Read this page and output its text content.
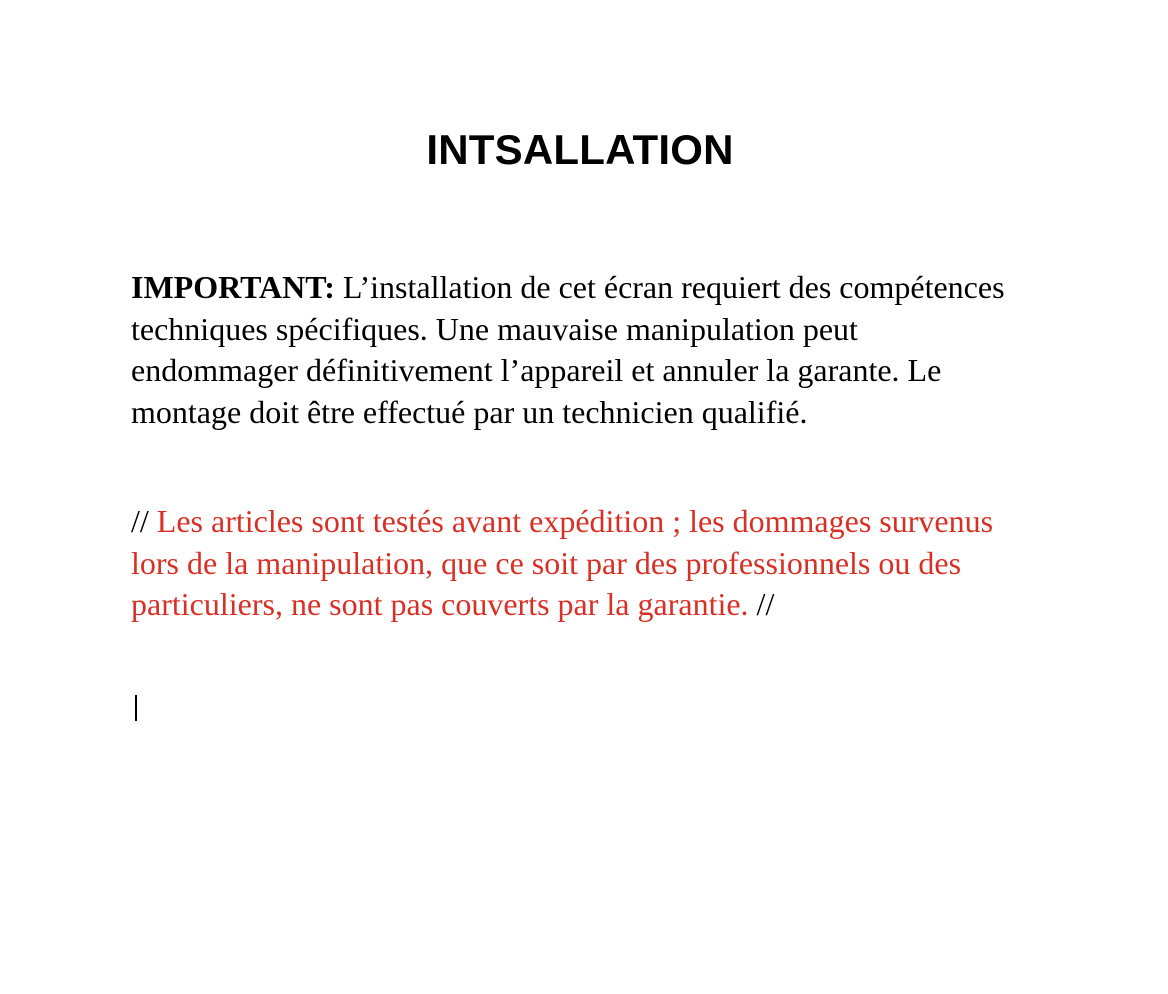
INTSALLATION

IMPORTANT: L’installation de cet écran requiert des compétences techniques spécifiques. Une mauvaise manipulation peut endommager définitivement l’appareil et annuler la garante. Le montage doit être effectué par un technicien qualifié.

// Les articles sont testés avant expédition ; les dommages survenus lors de la manipulation, que ce soit par des professionnels ou des particuliers, ne sont pas couverts par la garantie. //
